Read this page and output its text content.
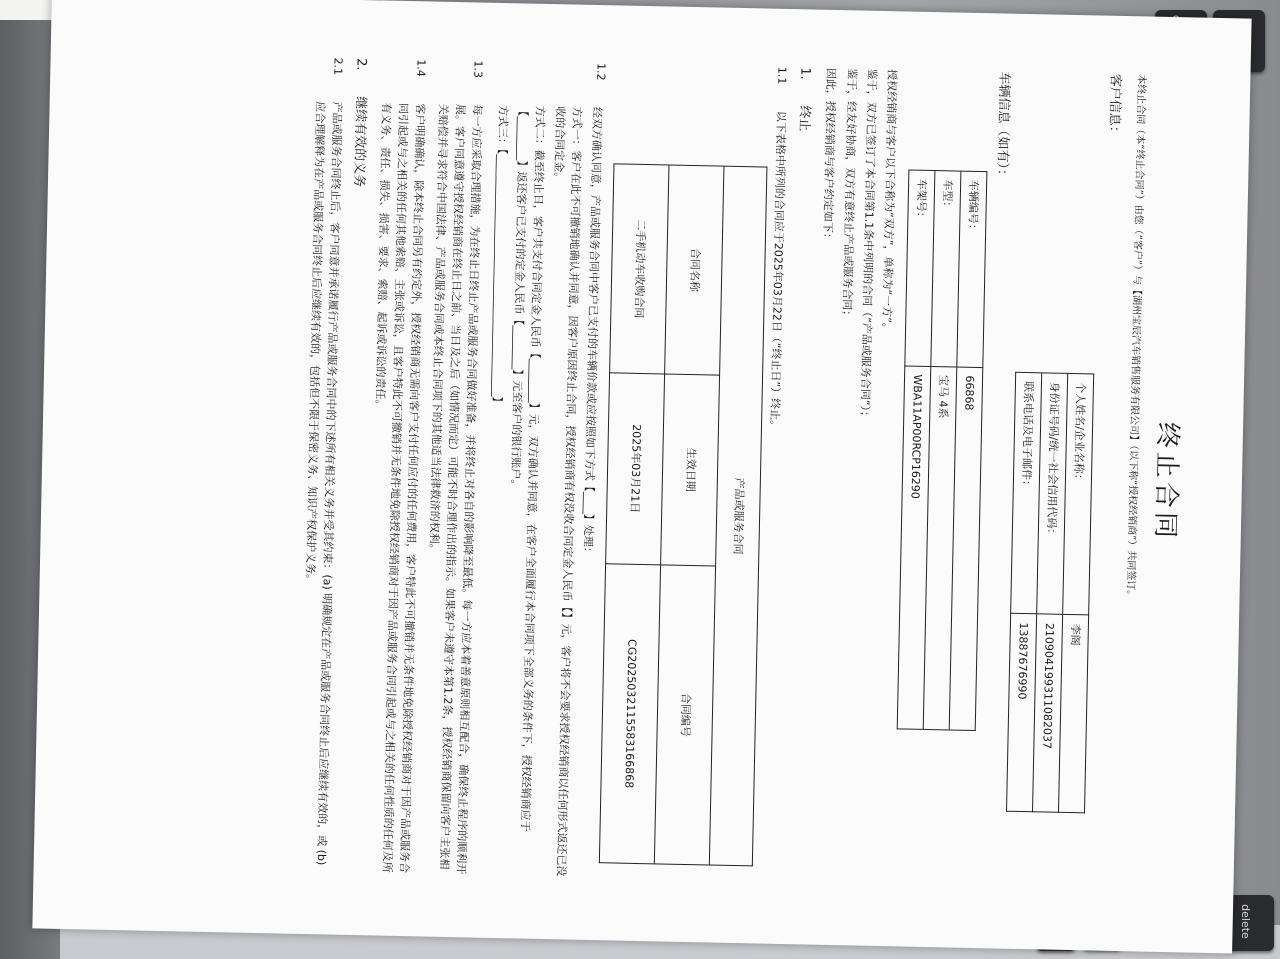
delete
终止合同

本终止合同（本“终止合同”）由您（“客户”）与【湖州宝辰汽车销售服务有限公司】（以下称“授权经销商”）共同签订。

客户信息：
个人姓名/企业名称：	李阁
身份证号码/统一社会信用代码：	210904199311082037
联系电话及电子邮件：	13887676990
车辆信息（如有）：
车辆编号：	66868
车型：	宝马 4系
车架号：	WBA11AP00RCP16290

授权经销商与客户以下合称为“双方”，单称为“一方”。

鉴于，双方已签订了本合同第1.1条中列明的合同（“产品或服务合同”）；

鉴于，经友好协商，双方有意终止产品或服务合同；

因此，授权经销商与客户约定如下：

1. 终止
1.1
以下表格中所列的合同应于2025年03月22日（“终止日”）终止。
产品或服务合同		
合同名称	生效日期	合同编号
二手机动车收购合同	2025年03月21日	CG20250321155831668​68
1.2

经双方确认同意，产品或服务合同中客户已支付的车辆价款或应按照如下方式【____】处理：

方式一：客户在此不可撤销地确认并同意，因客户原因终止合同，授权经销商有权没收合同定金人民币【】元，客户将不会要求授权经销商以任何形式返还已没收的合同定金。

方式二：截至终止日，客户共支付合同定金人民币【________】元，双方确认并同意，在客户全面履行本合同项下全部义务的条件下，授权经销商应于【________】返还客户已支付的定金人民币【________】元至客户的银行账户。

方式三：【____________________________________________】

1.3
每一方应采取合理措施，为在终止日终止产品或服务合同做好准备，并将终止对各自的影响降至最低。每一方应本着善意原则相互配合，确保终止程序的顺利开展。客户同意遵守授权经销商在终止日之前、当日及之后（如情况而定）可能不时合理作出的指示。如果客户未遵守本第1.2条，授权经销商保留向客户主张相关赔偿并寻求符合中国法律、产品或服务合同或本终止合同项下的其他适当法律救济的权利。
1.4
客户明确确认，除本终止合同另有约定外，授权经销商无需向客户支付任何应付的任何费用，客户特此不可撤销并无条件地免除授权经销商对于因产品或服务合同引起或与之相关的任何其他索赔、主张或诉讼，且客户特此不可撤销并无条件地免除授权经销商对于因产品或服务合同引起或与之相关的任何性质的任何及所有义务、责任、损失、损害、要求、索赔、起诉或诉讼的责任。
2. 继续有效的义务
2.1
产品或服务合同终止后，客户同意并承诺履行产品或服务合同中的下述所有相关义务并受其约束：(a) 明确规定在产品或服务合同终止后应继续有效的，或 (b) 应合理解释为在产品或服务合同终止后应继续有效的，包括但不限于保密义务、知识产权保护义务。
